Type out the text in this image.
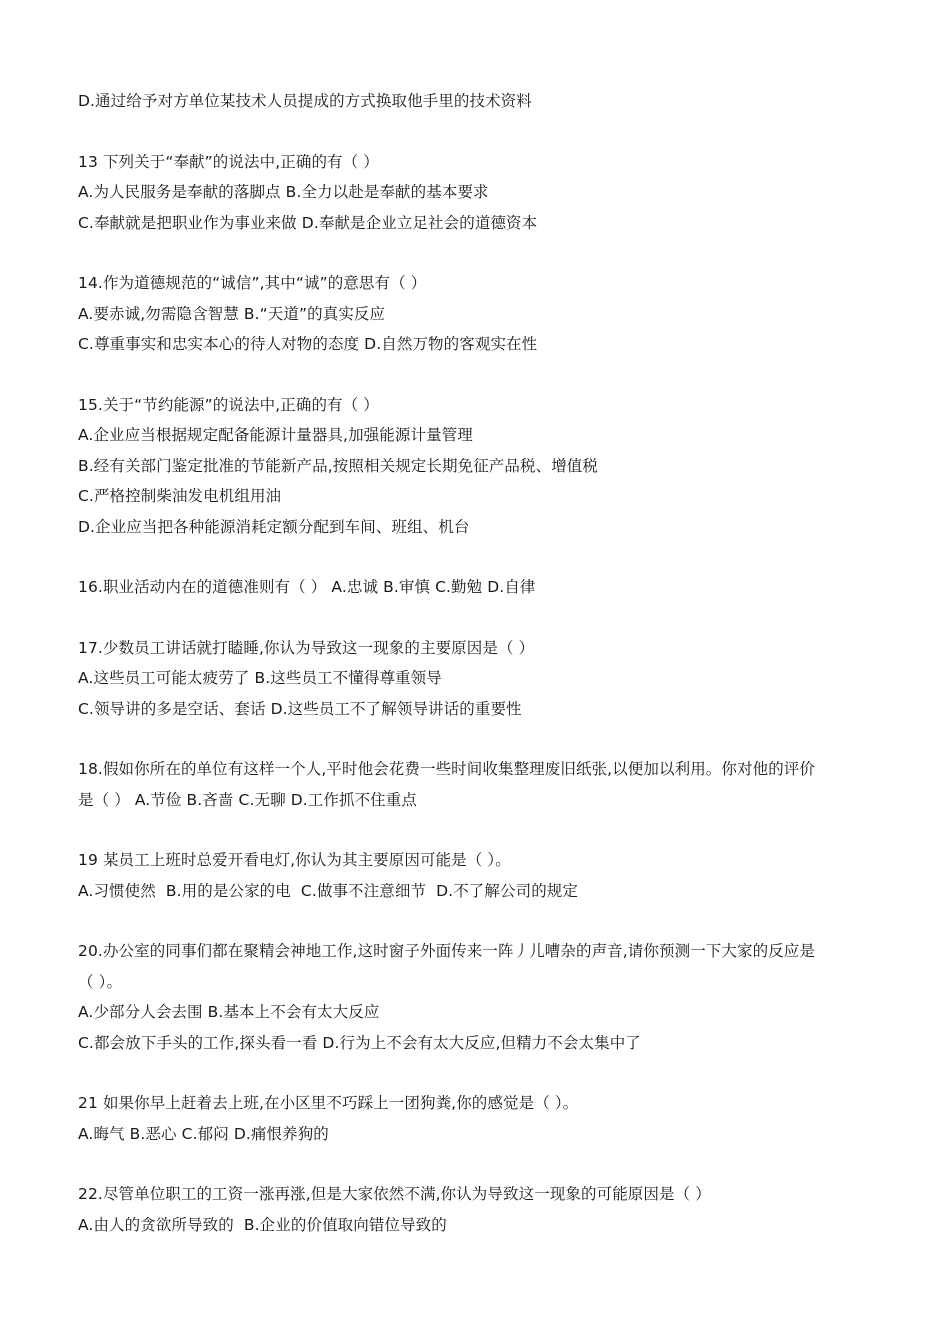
D.通过给予对方单位某技术人员提成的方式换取他手里的技术资料

13 下列关于“奉献”的说法中,正确的有（ ）

A.为人民服务是奉献的落脚点 B.全力以赴是奉献的基本要求

C.奉献就是把职业作为事业来做 D.奉献是企业立足社会的道德资本

14.作为道德规范的“诚信”,其中“诚”的意思有（ ）

A.要赤诚,勿需隐含智慧 B.“天道”的真实反应

C.尊重事实和忠实本心的待人对物的态度 D.自然万物的客观实在性

15.关于“节约能源”的说法中,正确的有（ ）

A.企业应当根据规定配备能源计量器具,加强能源计量管理

B.经有关部门鉴定批准的节能新产品,按照相关规定长期免征产品税、增值税

C.严格控制柴油发电机组用油

D.企业应当把各种能源消耗定额分配到车间、班组、机台

16.职业活动内在的道德准则有（ ） A.忠诚 B.审慎 C.勤勉 D.自律

17.少数员工讲话就打瞌睡,你认为导致这一现象的主要原因是（ ）

A.这些员工可能太疲劳了 B.这些员工不懂得尊重领导

C.领导讲的多是空话、套话 D.这些员工不了解领导讲话的重要性

18.假如你所在的单位有这样一个人,平时他会花费一些时间收集整理废旧纸张,以便加以利用。你对他的评价

是（ ） A.节俭 B.吝啬 C.无聊 D.工作抓不住重点

19 某员工上班时总爱开看电灯,你认为其主要原因可能是（ ）。

A.习惯使然  B.用的是公家的电  C.做事不注意细节  D.不了解公司的规定

20.办公室的同事们都在聚精会神地工作,这时窗子外面传来一阵丿儿嘈杂的声音,请你预测一下大家的反应是

（ ）。

A.少部分人会去围 B.基本上不会有太大反应

C.都会放下手头的工作,探头看一看 D.行为上不会有太大反应,但精力不会太集中了

21 如果你早上赶着去上班,在小区里不巧踩上一团狗粪,你的感觉是（ ）。

A.晦气 B.恶心 C.郁闷 D.痛恨养狗的

22.尽管单位职工的工资一涨再涨,但是大家依然不满,你认为导致这一现象的可能原因是（ ）

A.由人的贪欲所导致的  B.企业的价值取向错位导致的
